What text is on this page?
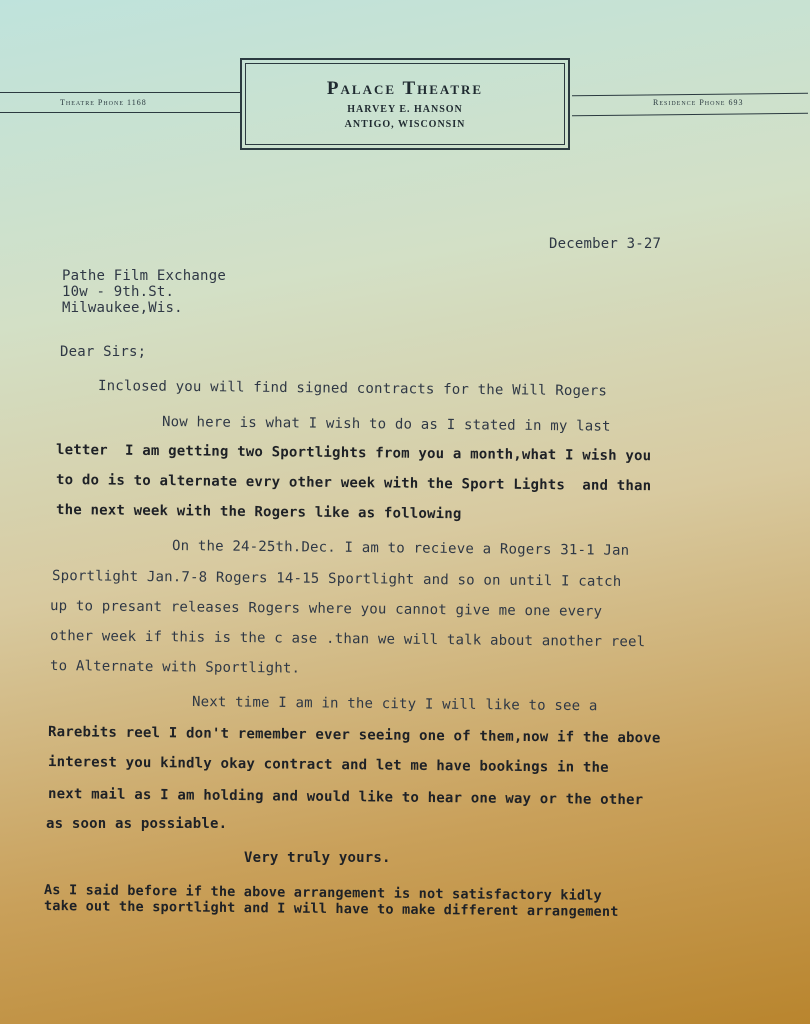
Theatre Phone 1168	Residence Phone 693
Palace Theatre
HARVEY E. HANSON
ANTIGO, WISCONSIN
December 3-27
Pathe Film Exchange
10w - 9th.St.
Milwaukee,Wis.
Dear Sirs;
Inclosed you will find signed contracts for the Will Rogers
Now here is what I wish to do as I stated in my last
letter  I am getting two Sportlights from you a month,what I wish you
to do is to alternate evry other week with the Sport Lights  and than
the next week with the Rogers like as following
On the 24-25th.Dec. I am to recieve a Rogers 31-1 Jan
Sportlight Jan.7-8 Rogers 14-15 Sportlight and so on until I catch
up to presant releases Rogers where you cannot give me one every
other week if this is the c ase .than we will talk about another reel
to Alternate with Sportlight.
Next time I am in the city I will like to see a
Rarebits reel I don't remember ever seeing one of them,now if the above
interest you kindly okay contract and let me have bookings in the
next mail as I am holding and would like to hear one way or the other
as soon as possiable.
Very truly yours.
As I said before if the above arrangement is not satisfactory kidly
take out the sportlight and I will have to make different arrangement
